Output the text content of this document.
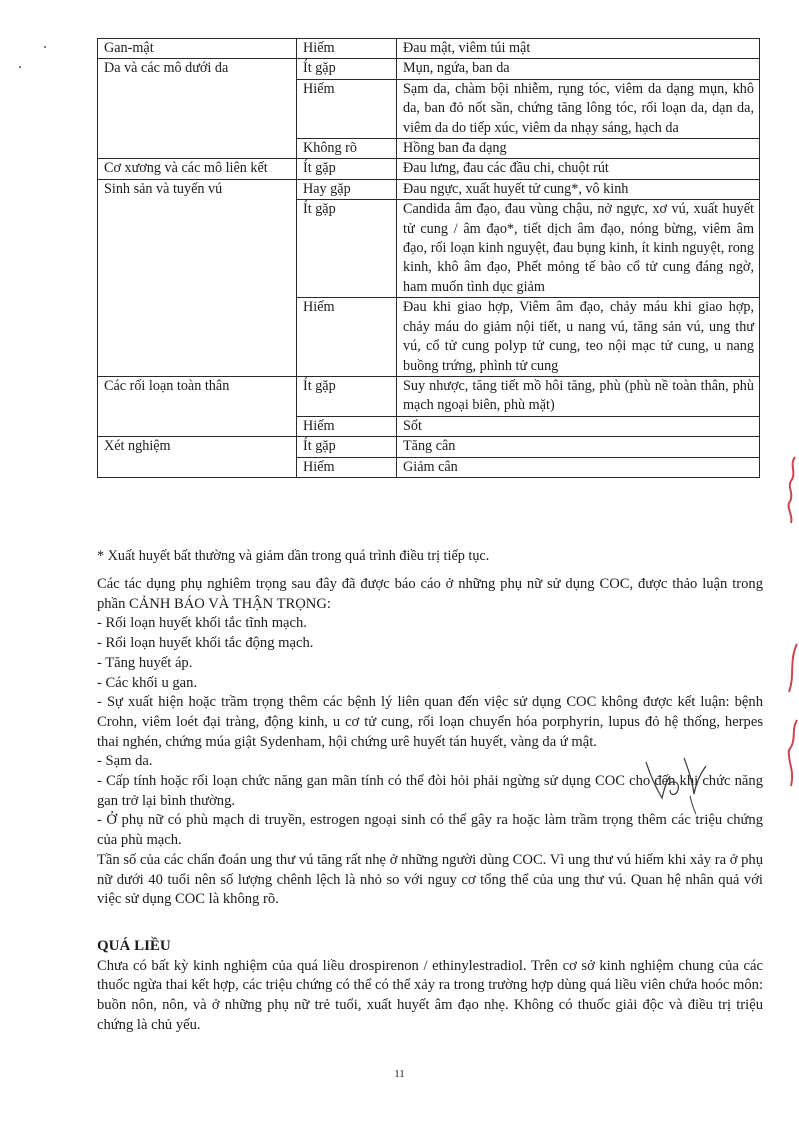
Gan-mật	Hiếm	Đau mật, viêm túi mật
Da và các mô dưới da	Ít gặp	Mụn, ngứa, ban da
	Hiếm	Sạm da, chàm bội nhiễm, rụng tóc, viêm da dạng mụn, khô da, ban đỏ nốt sần, chứng tăng lông tóc, rối loạn da, dạn da, viêm da do tiếp xúc, viêm da nhạy sáng, hạch da
	Không rõ	Hồng ban đa dạng
Cơ xương và các mô liên kết	Ít gặp	Đau lưng, đau các đầu chi, chuột rút
Sinh sản và tuyến vú	Hay gặp	Đau ngực, xuất huyết tử cung*, vô kinh
	Ít gặp	Candida âm đạo, đau vùng chậu, nở ngực, xơ vú, xuất huyết tử cung / âm đạo*, tiết dịch âm đạo, nóng bừng, viêm âm đạo, rối loạn kinh nguyệt, đau bụng kinh, ít kinh nguyệt, rong kinh, khô âm đạo, Phết mỏng tế bào cổ tử cung đáng ngờ, ham muốn tình dục giảm
	Hiếm	Đau khi giao hợp, Viêm âm đạo, chảy máu khi giao hợp, chảy máu do giảm nội tiết, u nang vú, tăng sản vú, ung thư vú, cổ tử cung polyp tử cung, teo nội mạc tử cung, u nang buồng trứng, phình tử cung
Các rối loạn toàn thân	Ít gặp	Suy nhược, tăng tiết mồ hôi tăng, phù (phù nề toàn thân, phù mạch ngoại biên, phù mặt)
	Hiếm	Sốt
Xét nghiệm	Ít gặp	Tăng cân
	Hiếm	Giảm cân
* Xuất huyết bất thường và giảm dần trong quá trình điều trị tiếp tục.

Các tác dụng phụ nghiêm trọng sau đây đã được báo cáo ở những phụ nữ sử dụng COC, được thảo luận trong phần CẢNH BÁO VÀ THẬN TRỌNG:

- Rối loạn huyết khối tắc tĩnh mạch.

- Rối loạn huyết khối tắc động mạch.

- Tăng huyết áp.

- Các khối u gan.

- Sự xuất hiện hoặc trầm trọng thêm các bệnh lý liên quan đến việc sử dụng COC không được kết luận: bệnh Crohn, viêm loét đại tràng, động kinh, u cơ tử cung, rối loạn chuyển hóa porphyrin, lupus đỏ hệ thống, herpes thai nghén, chứng múa giật Sydenham, hội chứng urê huyết tán huyết, vàng da ứ mật.

- Sạm da.

- Cấp tính hoặc rối loạn chức năng gan mãn tính có thể đòi hỏi phải ngừng sử dụng COC cho đến khi chức năng gan trở lại bình thường.

- Ở phụ nữ có phù mạch di truyền, estrogen ngoại sinh có thể gây ra hoặc làm trầm trọng thêm các triệu chứng của phù mạch.

Tần số của các chẩn đoán ung thư vú tăng rất nhẹ ở những người dùng COC. Vì ung thư vú hiếm khi xảy ra ở phụ nữ dưới 40 tuổi nên số lượng chênh lệch là nhỏ so với nguy cơ tổng thể của ung thư vú. Quan hệ nhân quả với việc sử dụng COC là không rõ.

QUÁ LIỀU

Chưa có bất kỳ kinh nghiệm của quá liều drospirenon / ethinylestradiol. Trên cơ sở kinh nghiệm chung của các thuốc ngừa thai kết hợp, các triệu chứng có thể có thể xảy ra trong trường hợp dùng quá liều viên chứa hoóc môn: buồn nôn, nôn, và ở những phụ nữ trẻ tuổi, xuất huyết âm đạo nhẹ. Không có thuốc giải độc và điều trị triệu chứng là chủ yếu.

11
